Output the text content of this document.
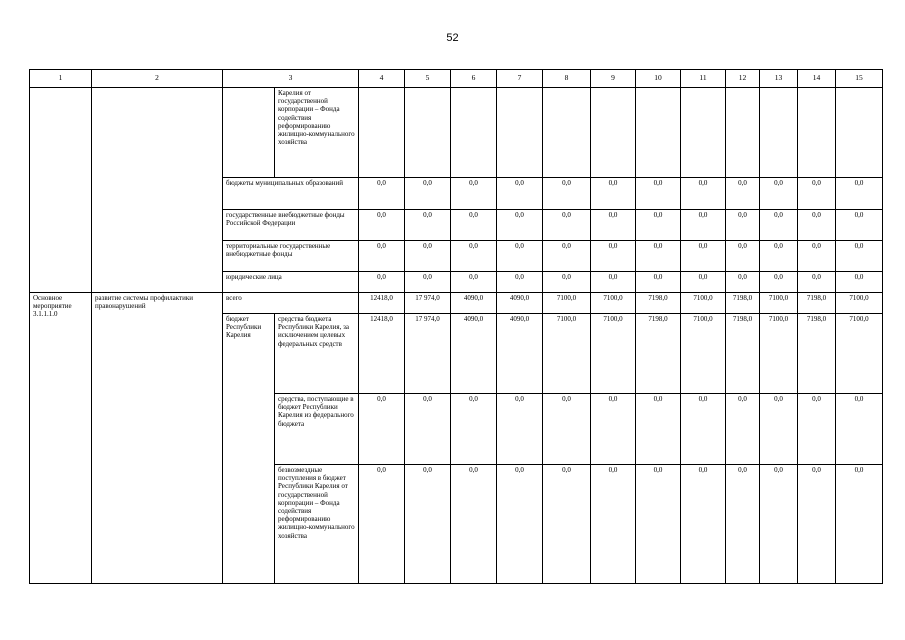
52
1	2	3		4	5	6	7	8	9	10	11	12	13	14	15
			Карелия от государственной корпорации – Фонда содействия реформированию жилищно-коммунального хозяйства												
		бюджеты муниципальных образований		0,0	0,0	0,0	0,0	0,0	0,0	0,0	0,0	0,0	0,0	0,0	0,0
		государственные внебюджетные фонды Российской Федерации		0,0	0,0	0,0	0,0	0,0	0,0	0,0	0,0	0,0	0,0	0,0	0,0
		территориальные государственные внебюджетные фонды		0,0	0,0	0,0	0,0	0,0	0,0	0,0	0,0	0,0	0,0	0,0	0,0
		юридические лица		0,0	0,0	0,0	0,0	0,0	0,0	0,0	0,0	0,0	0,0	0,0	0,0
Основное мероприятие 3.1.1.1.0	развитие системы профилактики правонарушений	всего		12418,0	17 974,0	4090,0	4090,0	7100,0	7100,0	7198,0	7100,0	7198,0	7100,0	7198,0	7100,0
		бюджет Республики Карелия	средства бюджета Республики Карелия, за исключением целевых федеральных средств	12418,0	17 974,0	4090,0	4090,0	7100,0	7100,0	7198,0	7100,0	7198,0	7100,0	7198,0	7100,0
			средства, поступающие в бюджет Республики Карелия из федерального бюджета	0,0	0,0	0,0	0,0	0,0	0,0	0,0	0,0	0,0	0,0	0,0	0,0
			безвозмездные поступления в бюджет Республики Карелия от государственной корпорации – Фонда содействия реформированию жилищно-коммунального хозяйства	0,0	0,0	0,0	0,0	0,0	0,0	0,0	0,0	0,0	0,0	0,0	0,0
